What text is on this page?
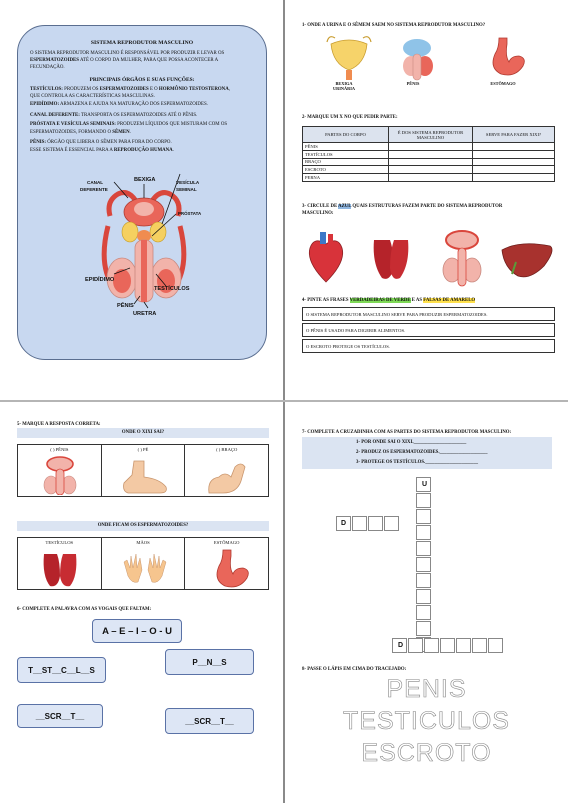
SISTEMA REPRODUTOR MASCULINO
O SISTEMA REPRODUTOR MASCULINO É RESPONSÁVEL POR PRODUZIR E LEVAR OS
ESPERMATOZOIDES ATÉ O CORPO DA MULHER, PARA QUE POSSA ACONTECER A
FECUNDAÇÃO.
PRINCIPAIS ÓRGÃOS E SUAS FUNÇÕES:
TESTÍCULOS: PRODUZEM OS ESPERMATOZOIDES E O HORMÔNIO TESTOSTERONA,
QUE CONTROLA AS CARACTERÍSTICAS MASCULINAS.
EPIDÍDIMO: ARMAZENA E AJUDA NA MATURAÇÃO DOS ESPERMATOZOIDES.
CANAL DEFERENTE: TRANSPORTA OS ESPERMATOZOIDES ATÉ O PÊNIS.
PRÓSTATA E VESÍCULAS SEMINAIS: PRODUZEM LÍQUIDOS QUE MISTURAM COM OS
ESPERMATOZOIDES, FORMANDO O SÊMEN.
PÊNIS: ÓRGÃO QUE LIBERA O SÊMEN PARA FORA DO CORPO.
ESSE SISTEMA É ESSENCIAL PARA A REPRODUÇÃO HUMANA.
BEXIGA
CANAL
DEFERENTE
VESÍCULA
SEMINAL
PRÓSTATA
EPIDÍDIMO
TESTÍCULOS
PÊNIS
URETRA
1- ONDE A URINA E O SÊMEM SAEM NO SISTEMA REPRODUTOR MASCULINO?
BEXIGA
URINÁRIA
PÊNIS	ESTÔMAGO
2- MARQUE UM X NO QUE PEDIR PARTE:
PARTES DO CORPO	É DOS SISTEMA REPRODUTOR MASCULINO	SERVE PARA FAZER XIXI?
PÊNIS		
TESTÍCULOS		
BRAÇO		
ESCROTO		
PERNA		
3- CIRCULE DE AZUL QUAIS ESTRUTURAS FAZEM PARTE DO SISTEMA REPRODUTOR
MASCULINO:
4- PINTE AS FRASES VERDADEIRAS DE VERDE E AS FALSAS DE AMARELO
O SISTEMA REPRODUTOR MASCULINO SERVE PARA PRODUZIR ESPERMATOZOIDES.
O PÊNIS É USADO PARA DIGERIR ALIMENTOS.
O ESCROTO PROTEGE OS TESTÍCULOS.
5- MARQUE A RESPOSTA CORRETA:
ONDE O XIXI SAI?
( ) PÊNIS	( ) PÉ	( ) BRAÇO
ONDE FICAM OS ESPERMATOZOIDES?
TESTÍCULOS	MÃOS	ESTÔMAGO
6- COMPLETE A PALAVRA COM AS VOGAIS QUE FALTAM:
A – E – I – O - U
T__ST__C__L__S
P__N__S
__SCR__T__
__SCR__T__
7- COMPLETE A CRUZADINHA COM AS PARTES DO SISTEMA REPRODUTOR MASCULINO:
1- POR ONDE SAI O XIXI.______________________
2- PRODUZ OS ESPERMATOZOIDES.____________________
3- PROTEGE OS TESTÍCULOS.______________________
U
D
D
8- PASSE O LÁPIS EM CIMA DO TRACEJADO:
PENIS
TESTICULOS
ESCROTO
